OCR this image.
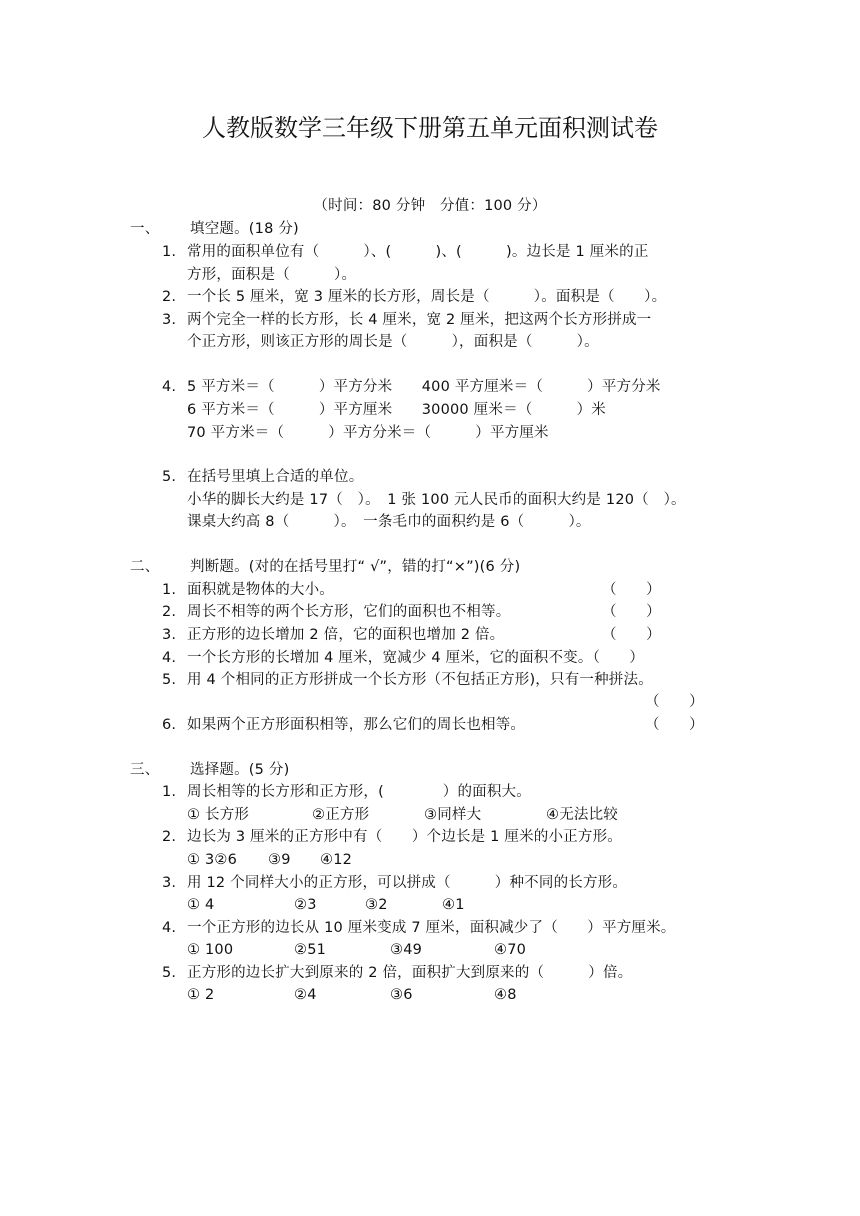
人教版数学三年级下册第五单元面积测试卷
（时间：80 分钟　分值：100 分）
一、 填空题。(18 分)
1. 常用的面积单位有（　　　）、(　　　)、(　　　)。边长是 1 厘米的正
方形，面积是（　　　）。
2. 一个长 5 厘米，宽 3 厘米的长方形，周长是（　　　）。面积是（　　）。
3. 两个完全一样的长方形，长 4 厘米，宽 2 厘米，把这两个长方形拼成一
个正方形，则该正方形的周长是（　　　），面积是（　　　）。
4. 5 平方米＝（　　　）平方分米　　400 平方厘米＝（　　　）平方分米
6 平方米＝（　　　）平方厘米　　30000 厘米＝（　　　）米
70 平方米＝（　　　）平方分米＝（　　　）平方厘米
5. 在括号里填上合适的单位。
小华的脚长大约是 17（　）。　1 张 100 元人民币的面积大约是 120（　）。
课桌大约高 8（　　　）。　一条毛巾的面积约是 6（　　　）。
二、 判断题。(对的在括号里打“ √”，错的打“×”)(6 分)
1. 面积就是物体的大小。	（　　）
2. 周长不相等的两个长方形，它们的面积也不相等。	（　　）
3. 正方形的边长增加 2 倍，它的面积也增加 2 倍。	（　　）
4. 一个长方形的长增加 4 厘米，宽减少 4 厘米，它的面积不变。（　　）
5. 用 4 个相同的正方形拼成一个长方形（不包括正方形)，只有一种拼法。
（　　）
6. 如果两个正方形面积相等，那么它们的周长也相等。	（　　）
三、 选择题。(5 分)
1. 周长相等的长方形和正方形，(　　　　）的面积大。
① 长方形	②正方形	③同样大	④无法比较
2. 边长为 3 厘米的正方形中有（　　）个边长是 1 厘米的小正方形。
① 3②6 ③9 ④12
3. 用 12 个同样大小的正方形，可以拼成（　　　）种不同的长方形。
① 4	②3	③2	④1
4. 一个正方形的边长从 10 厘米变成 7 厘米，面积减少了（　　）平方厘米。
① 100	②51	③49	④70
5. 正方形的边长扩大到原来的 2 倍，面积扩大到原来的（　　　）倍。
① 2	②4	③6	④8
